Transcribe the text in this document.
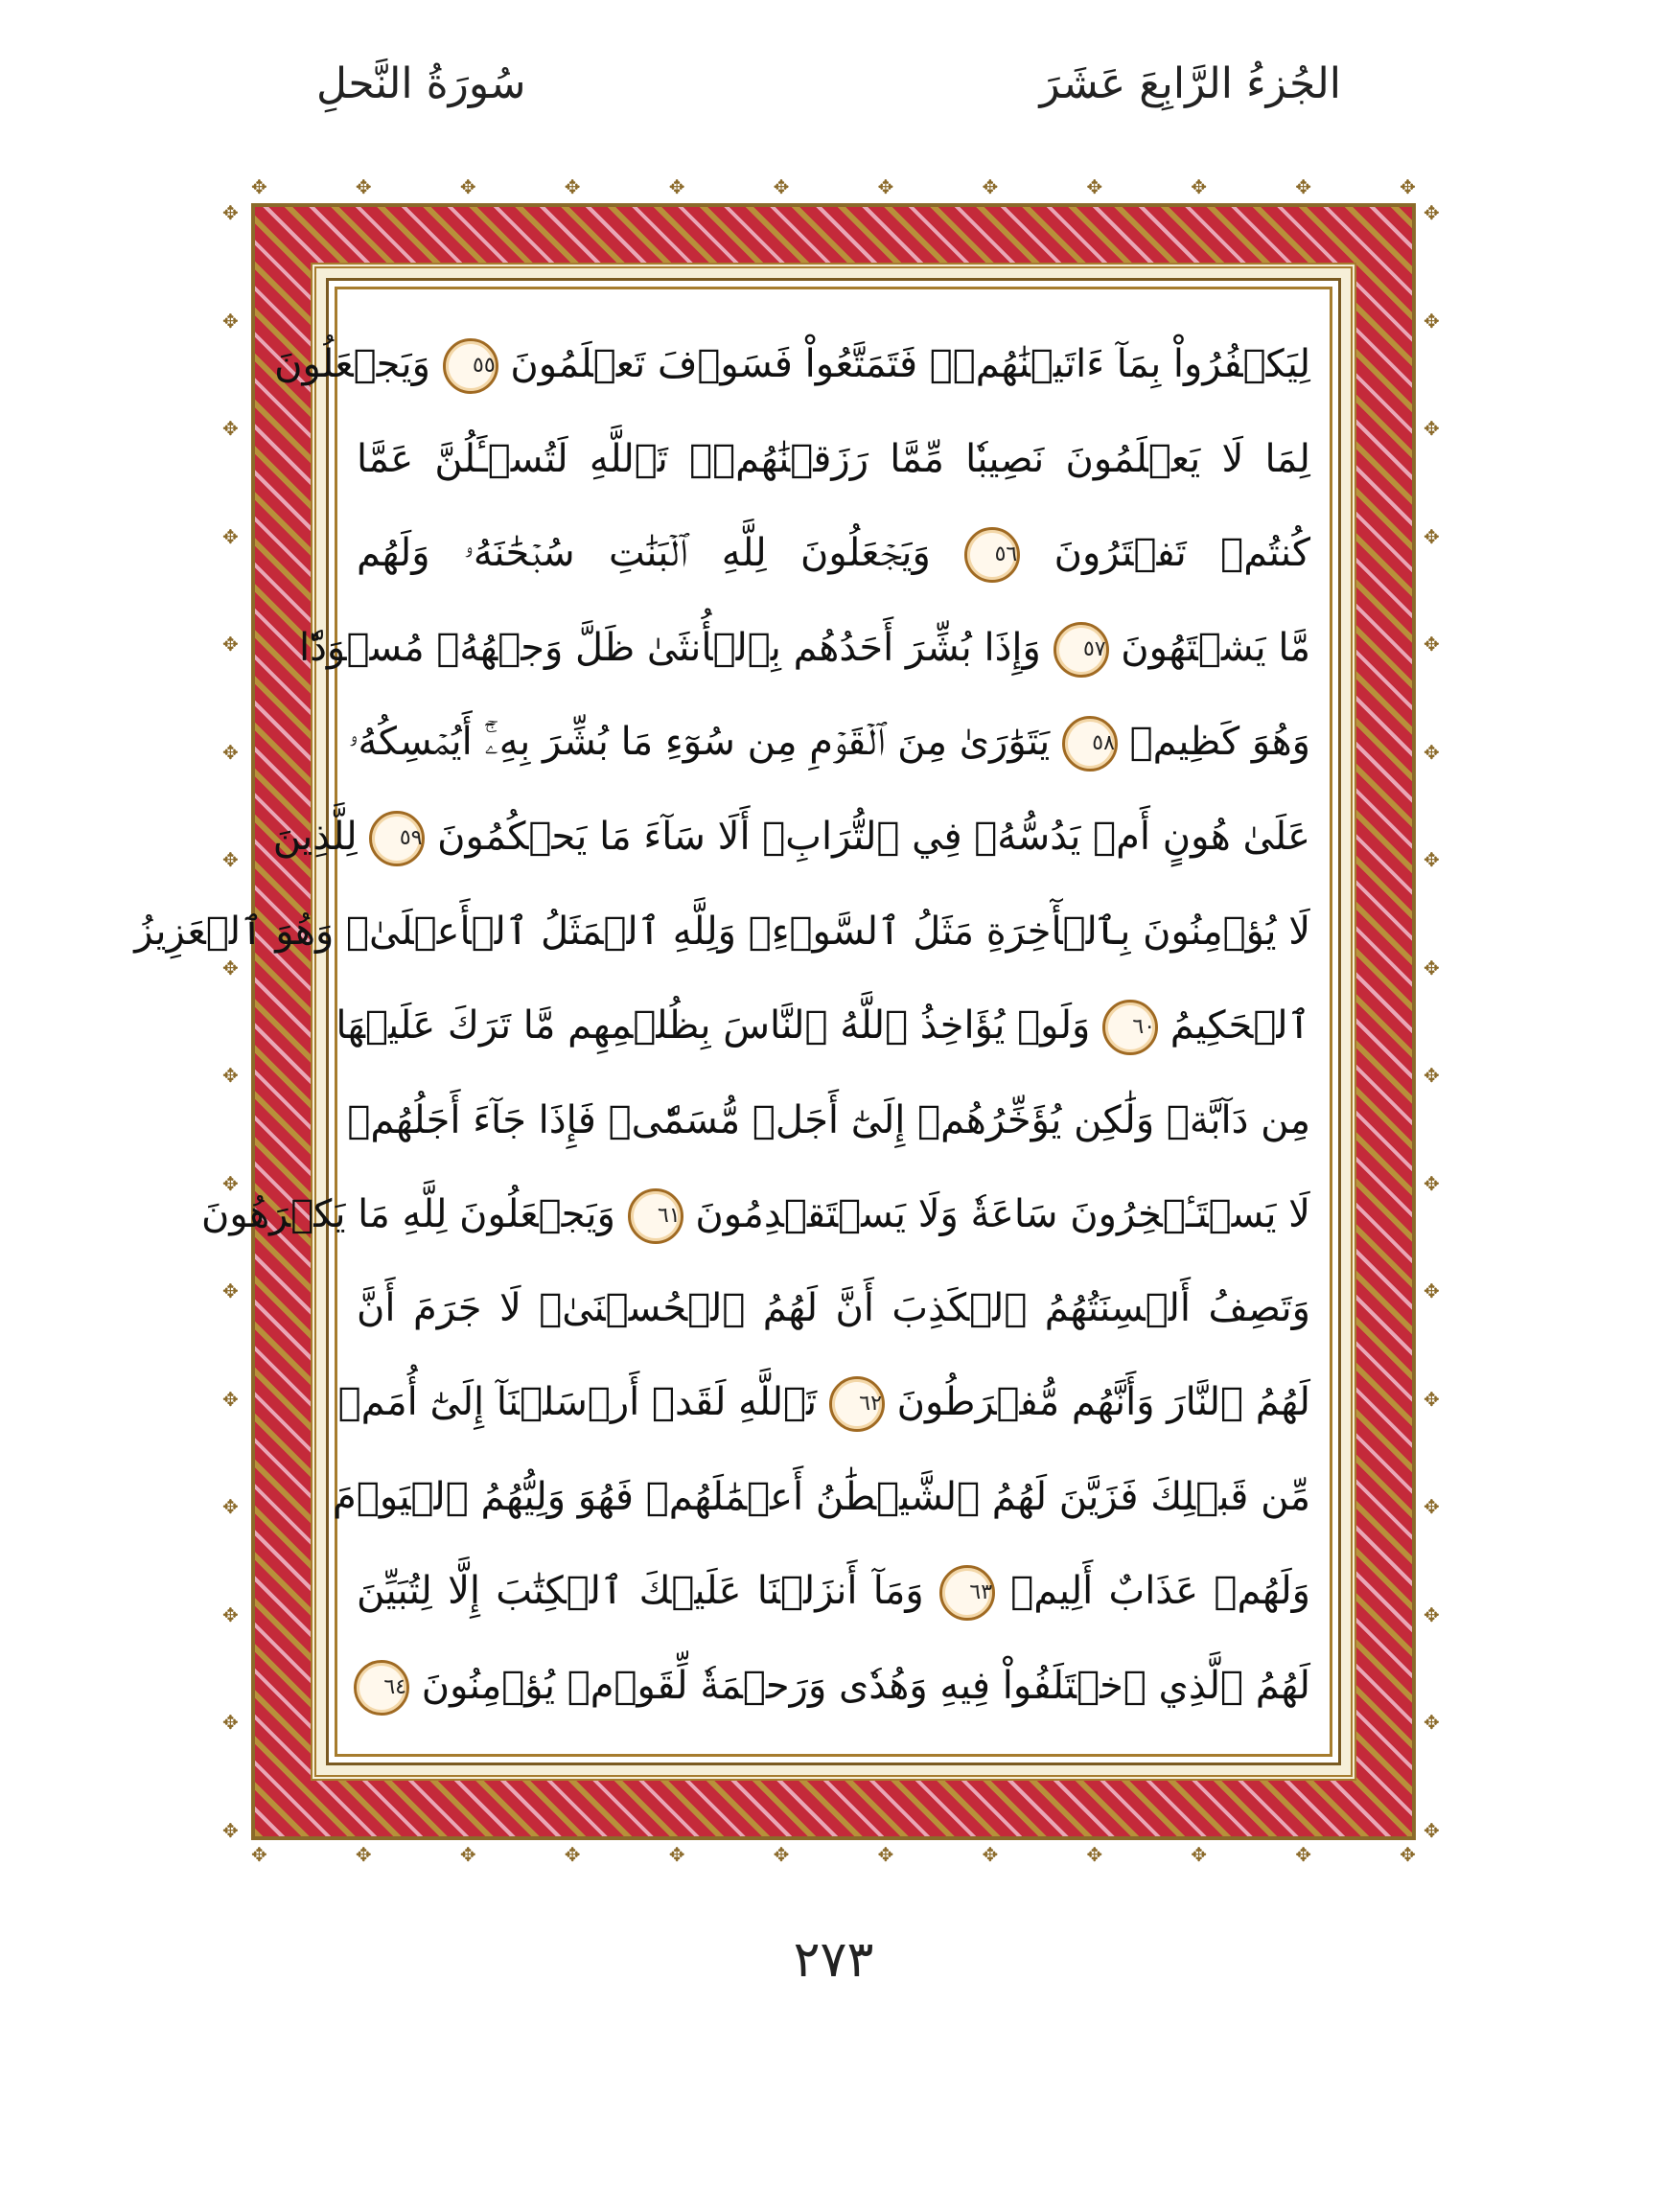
الجُزءُ الرَّابِعَ عَشَرَ
سُورَةُ النَّحلِ
✥	✥	✥	✥	✥	✥	✥	✥	✥	✥	✥	✥
✥	✥	✥	✥	✥	✥	✥	✥	✥	✥	✥	✥
✥
✥
✥
✥
✥
✥
✥
✥
✥
✥
✥
✥
✥
✥
✥
✥
✥
✥
✥
✥
✥
✥
✥
✥
✥
✥
✥
✥
✥
✥
✥
✥
لِيَكۡفُرُواْ بِمَآ ءَاتَيۡنَٰهُمۡۚ فَتَمَتَّعُواْ فَسَوۡفَ تَعۡلَمُونَ ٥٥ وَيَجۡعَلُونَ
لِمَا لَا يَعۡلَمُونَ نَصِيبٗا مِّمَّا رَزَقۡنَٰهُمۡۗ تَٱللَّهِ لَتُسۡـَٔلُنَّ عَمَّا
كُنتُمۡ تَفۡتَرُونَ ٥٦ وَيَجۡعَلُونَ لِلَّهِ ٱلۡبَنَٰتِ سُبۡحَٰنَهُۥ وَلَهُم
مَّا يَشۡتَهُونَ ٥٧ وَإِذَا بُشِّرَ أَحَدُهُم بِٱلۡأُنثَىٰ ظَلَّ وَجۡهُهُۥ مُسۡوَدّٗا
وَهُوَ كَظِيمٞ ٥٨ يَتَوَٰرَىٰ مِنَ ٱلۡقَوۡمِ مِن سُوٓءِ مَا بُشِّرَ بِهِۦٓۚ أَيُمۡسِكُهُۥ
عَلَىٰ هُونٍ أَمۡ يَدُسُّهُۥ فِي ٱلتُّرَابِۗ أَلَا سَآءَ مَا يَحۡكُمُونَ ٥٩ لِلَّذِينَ
لَا يُؤۡمِنُونَ بِٱلۡأٓخِرَةِ مَثَلُ ٱلسَّوۡءِۖ وَلِلَّهِ ٱلۡمَثَلُ ٱلۡأَعۡلَىٰۚ وَهُوَ ٱلۡعَزِيزُ
ٱلۡحَكِيمُ ٦٠ وَلَوۡ يُؤَاخِذُ ٱللَّهُ ٱلنَّاسَ بِظُلۡمِهِم مَّا تَرَكَ عَلَيۡهَا
مِن دَآبَّةٖ وَلَٰكِن يُؤَخِّرُهُمۡ إِلَىٰٓ أَجَلٖ مُّسَمّٗىۖ فَإِذَا جَآءَ أَجَلُهُمۡ
لَا يَسۡتَـٔۡخِرُونَ سَاعَةٗ وَلَا يَسۡتَقۡدِمُونَ ٦١ وَيَجۡعَلُونَ لِلَّهِ مَا يَكۡرَهُونَ
وَتَصِفُ أَلۡسِنَتُهُمُ ٱلۡكَذِبَ أَنَّ لَهُمُ ٱلۡحُسۡنَىٰۚ لَا جَرَمَ أَنَّ
لَهُمُ ٱلنَّارَ وَأَنَّهُم مُّفۡرَطُونَ ٦٢ تَٱللَّهِ لَقَدۡ أَرۡسَلۡنَآ إِلَىٰٓ أُمَمٖ
مِّن قَبۡلِكَ فَزَيَّنَ لَهُمُ ٱلشَّيۡطَٰنُ أَعۡمَٰلَهُمۡ فَهُوَ وَلِيُّهُمُ ٱلۡيَوۡمَ
وَلَهُمۡ عَذَابٌ أَلِيمٞ ٦٣ وَمَآ أَنزَلۡنَا عَلَيۡكَ ٱلۡكِتَٰبَ إِلَّا لِتُبَيِّنَ
لَهُمُ ٱلَّذِي ٱخۡتَلَفُواْ فِيهِ وَهُدٗى وَرَحۡمَةٗ لِّقَوۡمٖ يُؤۡمِنُونَ ٦٤
٢٧٣
